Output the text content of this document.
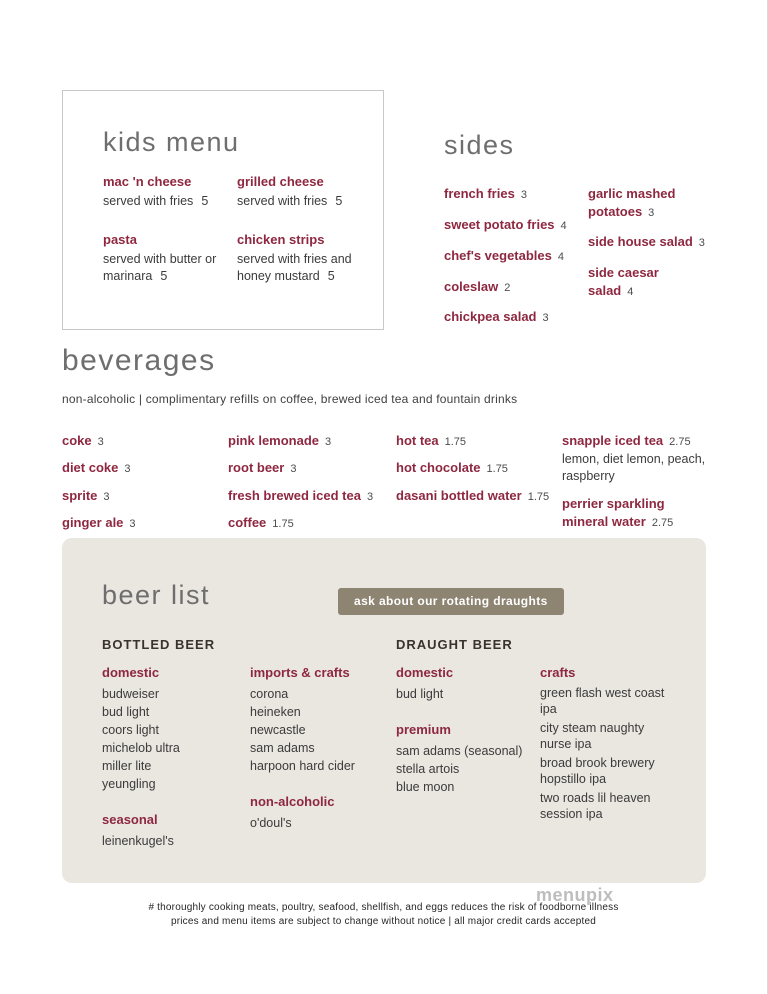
kids menu
mac 'n cheese
served with fries 5
grilled cheese
served with fries 5
pasta
served with butter or marinara 5
chicken strips
served with fries and honey mustard 5
sides
french fries 3
sweet potato fries 4
chef's vegetables 4
coleslaw 2
chickpea salad 3
garlic mashed potatoes 3
side house salad 3
side caesar salad 4
beverages
non-alcoholic | complimentary refills on coffee, brewed iced tea and fountain drinks
coke 3
diet coke 3
sprite 3
ginger ale 3
pink lemonade 3
root beer 3
fresh brewed iced tea 3
coffee 1.75
hot tea 1.75
hot chocolate 1.75
dasani bottled water 1.75
snapple iced tea 2.75
lemon, diet lemon, peach, raspberry
perrier sparkling mineral water 2.75
beer list	ask about our rotating draughts
BOTTLED BEER	DRAUGHT BEER
domestic
budweiser
bud light
coors light
michelob ultra
miller lite
yeungling
seasonal
leinenkugel's
imports & crafts
corona
heineken
newcastle
sam adams
harpoon hard cider
non-alcoholic
o'doul's
domestic
bud light
premium
sam adams (seasonal)
stella artois
blue moon
crafts
green flash west coast ipa
city steam naughty nurse ipa
broad brook brewery hopstillo ipa
two roads lil heaven session ipa
menupix
# thoroughly cooking meats, poultry, seafood, shellfish, and eggs reduces the risk of foodborne illness
prices and menu items are subject to change without notice | all major credit cards accepted
